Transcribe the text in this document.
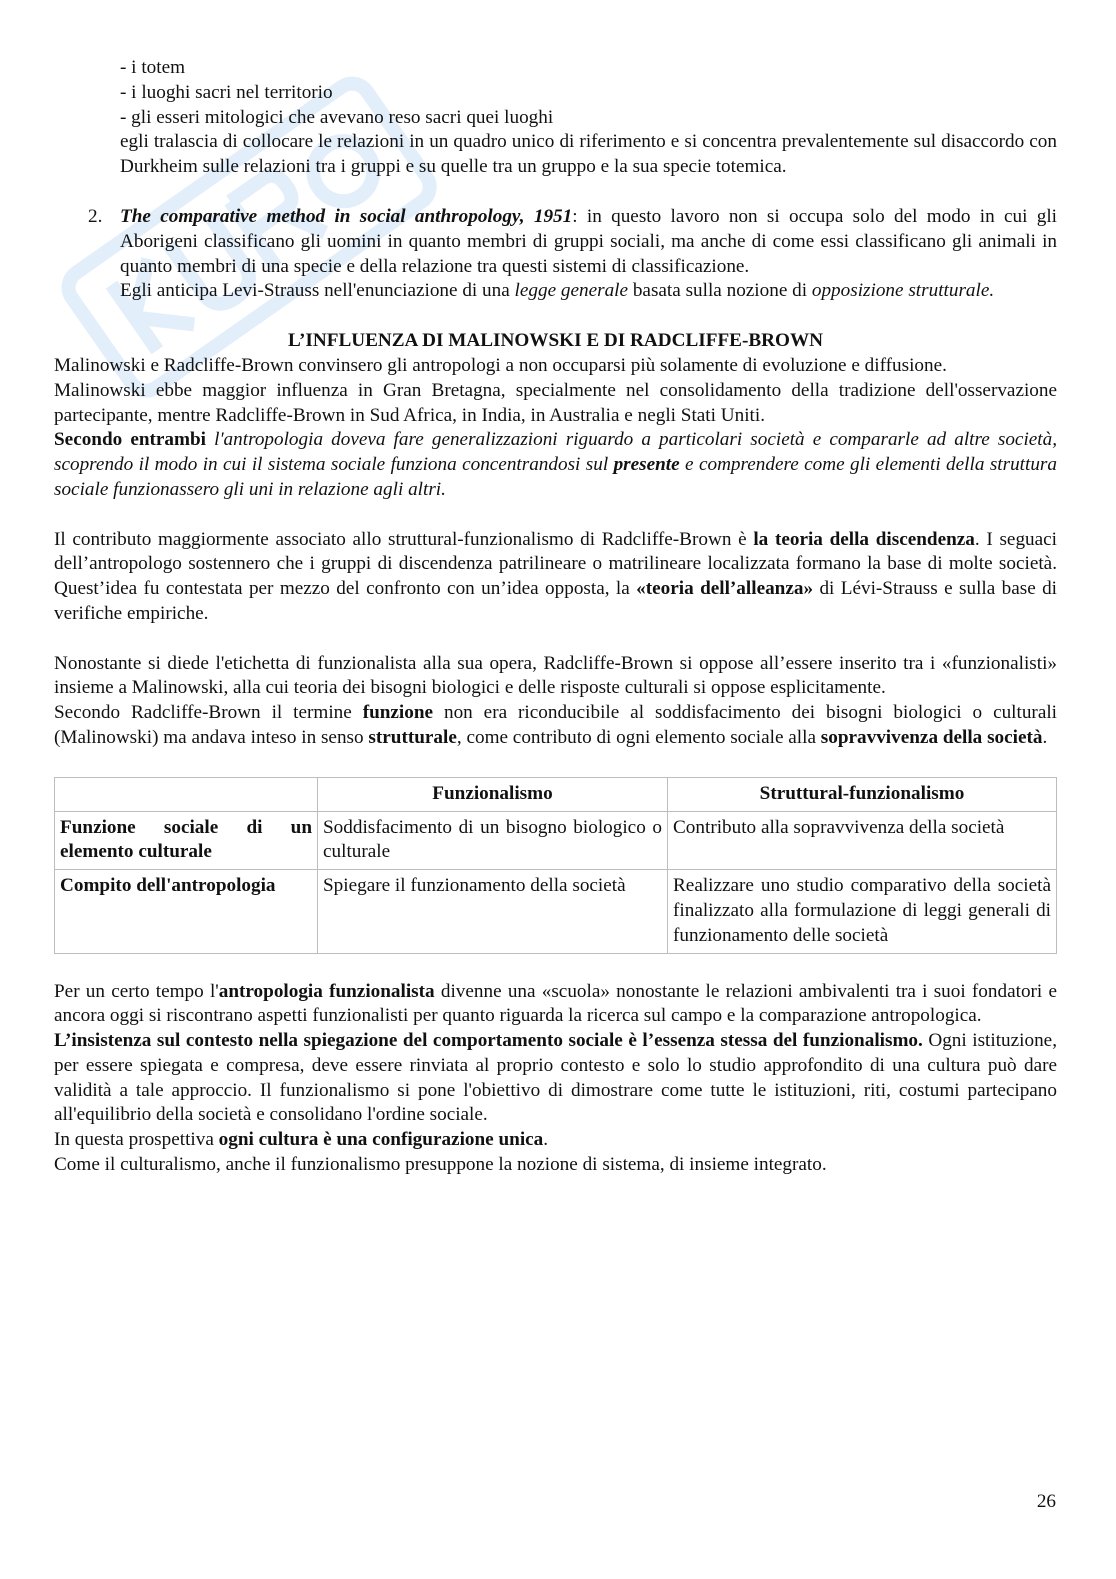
- i totem
- i luoghi sacri nel territorio
- gli esseri mitologici che avevano reso sacri quei luoghi

egli tralascia di collocare le relazioni in un quadro unico di riferimento e si concentra prevalentemente sul disaccordo con Durkheim sulle relazioni tra i gruppi e su quelle tra un gruppo e la sua specie totemica.

2. The comparative method in social anthropology, 1951: in questo lavoro non si occupa solo del modo in cui gli Aborigeni classificano gli uomini in quanto membri di gruppi sociali, ma anche di come essi classificano gli animali in quanto membri di una specie e della relazione tra questi sistemi di classificazione.

Egli anticipa Levi-Strauss nell'enunciazione di una legge generale basata sulla nozione di opposizione strutturale.

L’INFLUENZA DI MALINOWSKI E DI RADCLIFFE-BROWN

Malinowski e Radcliffe-Brown convinsero gli antropologi a non occuparsi più solamente di evoluzione e diffusione.

Malinowski ebbe maggior influenza in Gran Bretagna, specialmente nel consolidamento della tradizione dell'osservazione partecipante, mentre Radcliffe-Brown in Sud Africa, in India, in Australia e negli Stati Uniti.

Secondo entrambi l'antropologia doveva fare generalizzazioni riguardo a particolari società e compararle ad altre società, scoprendo il modo in cui il sistema sociale funziona concentrandosi sul presente e comprendere come gli elementi della struttura sociale funzionassero gli uni in relazione agli altri.

Il contributo maggiormente associato allo struttural-funzionalismo di Radcliffe-Brown è la teoria della discendenza. I seguaci dell’antropologo sostennero che i gruppi di discendenza patrilineare o matrilineare localizzata formano la base di molte società. Quest’idea fu contestata per mezzo del confronto con un’idea opposta, la «teoria dell’alleanza» di Lévi-Strauss e sulla base di verifiche empiriche.

Nonostante si diede l'etichetta di funzionalista alla sua opera, Radcliffe-Brown si oppose all’essere inserito tra i «funzionalisti» insieme a Malinowski, alla cui teoria dei bisogni biologici e delle risposte culturali si oppose esplicitamente.

Secondo Radcliffe-Brown il termine funzione non era riconducibile al soddisfacimento dei bisogni biologici o culturali (Malinowski) ma andava inteso in senso strutturale, come contributo di ogni elemento sociale alla sopravvivenza della società.

	Funzionalismo	Struttural-funzionalismo
Funzione sociale di un elemento culturale	Soddisfacimento di un bisogno biologico o culturale	Contributo alla sopravvivenza della società
Compito dell'antropologia	Spiegare il funzionamento della società	Realizzare uno studio comparativo della società finalizzato alla formulazione di leggi generali di funzionamento delle società

Per un certo tempo l'antropologia funzionalista divenne una «scuola» nonostante le relazioni ambivalenti tra i suoi fondatori e ancora oggi si riscontrano aspetti funzionalisti per quanto riguarda la ricerca sul campo e la comparazione antropologica.

L’insistenza sul contesto nella spiegazione del comportamento sociale è l’essenza stessa del funzionalismo. Ogni istituzione, per essere spiegata e compresa, deve essere rinviata al proprio contesto e solo lo studio approfondito di una cultura può dare validità a tale approccio. Il funzionalismo si pone l'obiettivo di dimostrare come tutte le istituzioni, riti, costumi partecipano all'equilibrio della società e consolidano l'ordine sociale.

In questa prospettiva ogni cultura è una configurazione unica.

Come il culturalismo, anche il funzionalismo presuppone la nozione di sistema, di insieme integrato.

26
